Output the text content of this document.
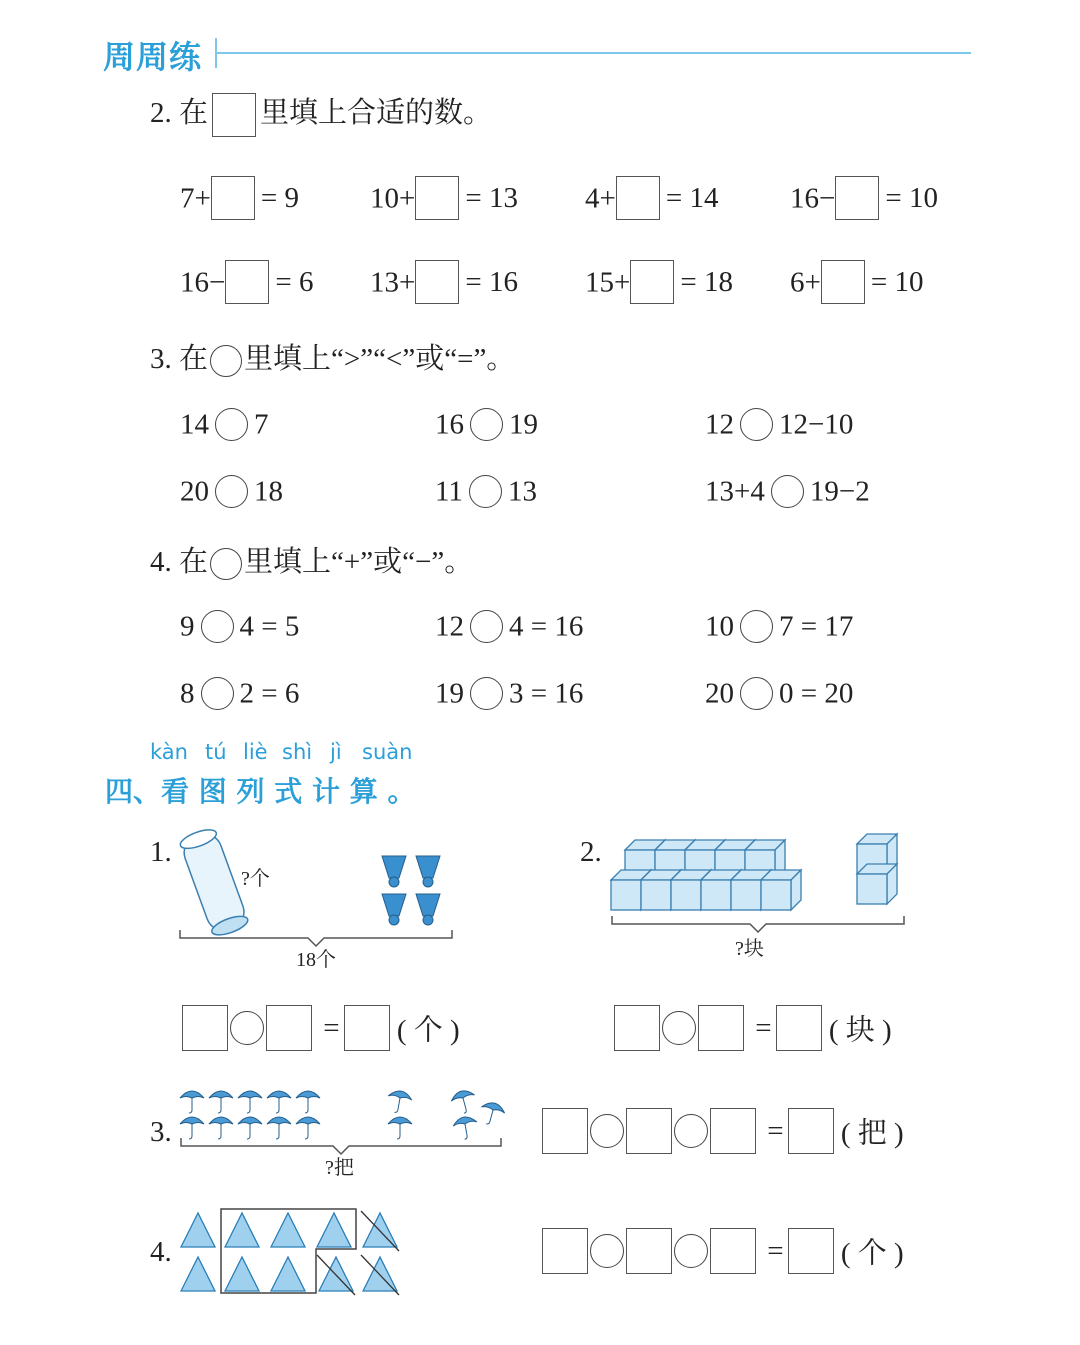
周周练
2. 在 里填上合适的数。
7+ = 9 10+ = 13 4+ = 14 16− = 10
16− = 6 13+ = 16 15+ = 18 6+ = 10
3. 在 里填上“>”“<”或“=”。
14 7	16 19	12 12−10
20 18	11 13	13+4 19−2
4. 在 里填上“+”或“−”。
9 4 = 5	12 4 = 16	10 7 = 17
8 2 = 6	19 3 = 16	20 0 = 20
kàn tú liè shì jì suàn
四、看 图 列 式 计 算 。
1.
?个
18个
2.
?块
= ( 个 )	= ( 块 )
3.
?把
= ( 把 )
4.	= ( 个 )
